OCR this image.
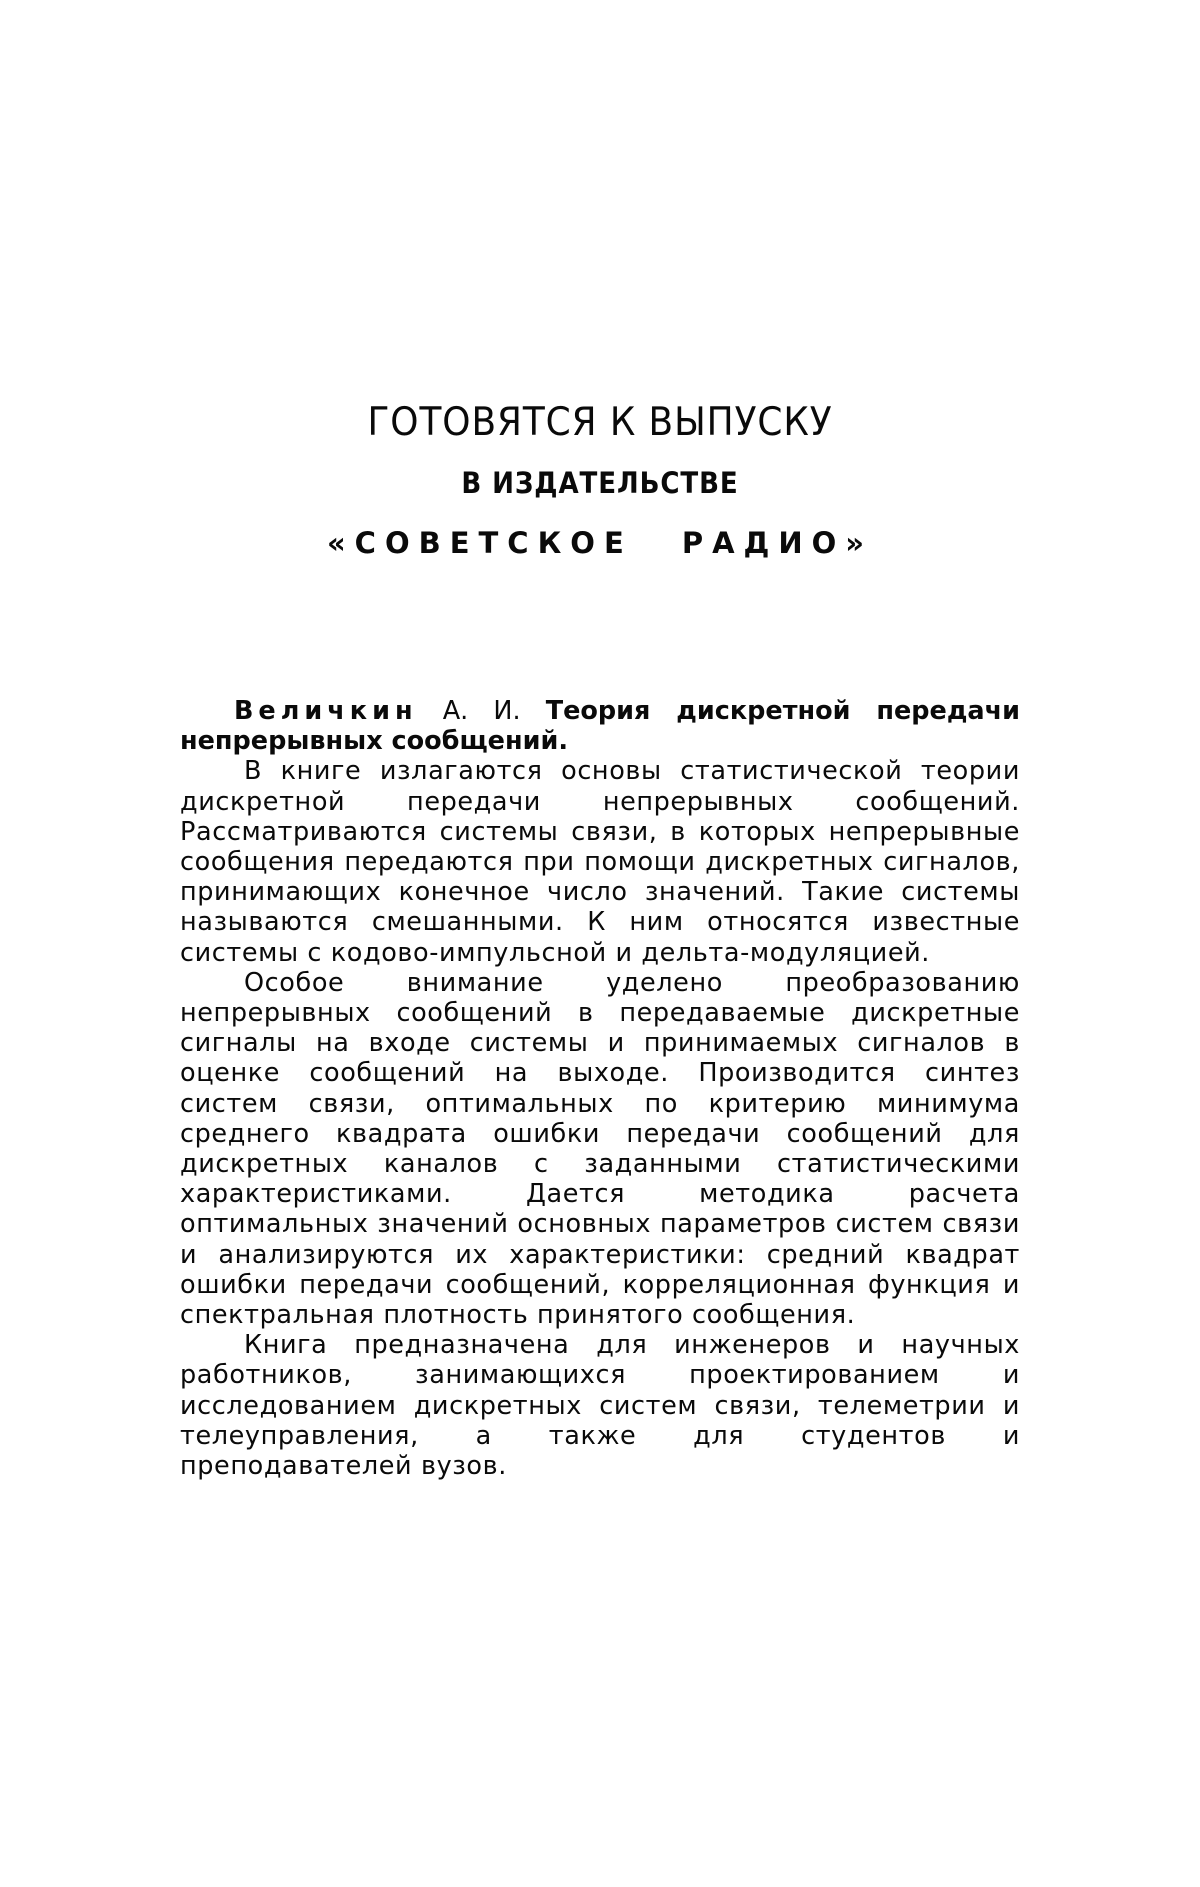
ГОТОВЯТСЯ К ВЫПУСКУ
В ИЗДАТЕЛЬСТВЕ
«СОВЕТСКОЕ РАДИО»

Величкин А. И. Теория дискретной передачи непрерывных сообщений.

В книге излагаются основы статистической теории дискретной передачи непрерывных сообщений. Рассматриваются системы связи, в которых непрерывные сообщения передаются при помощи дискретных сигналов, принимающих конечное число значений. Такие системы называются смешанными. К ним относятся известные системы с кодово-импульсной и дельта-модуляцией.

Особое внимание уделено преобразованию непрерывных сообщений в передаваемые дискретные сигналы на входе системы и принимаемых сигналов в оценке сообщений на выходе. Производится синтез систем связи, оптимальных по критерию минимума среднего квадрата ошибки передачи сообщений для дискретных каналов с заданными статистическими характеристиками. Дается методика расчета оптимальных значений основных параметров систем связи и анализируются их характеристики: средний квадрат ошибки передачи сообщений, корреляционная функция и спектральная плотность принятого сообщения.

Книга предназначена для инженеров и научных работников, занимающихся проектированием и исследованием дискретных систем связи, телеметрии и телеуправления, а также для студентов и преподавателей вузов.
